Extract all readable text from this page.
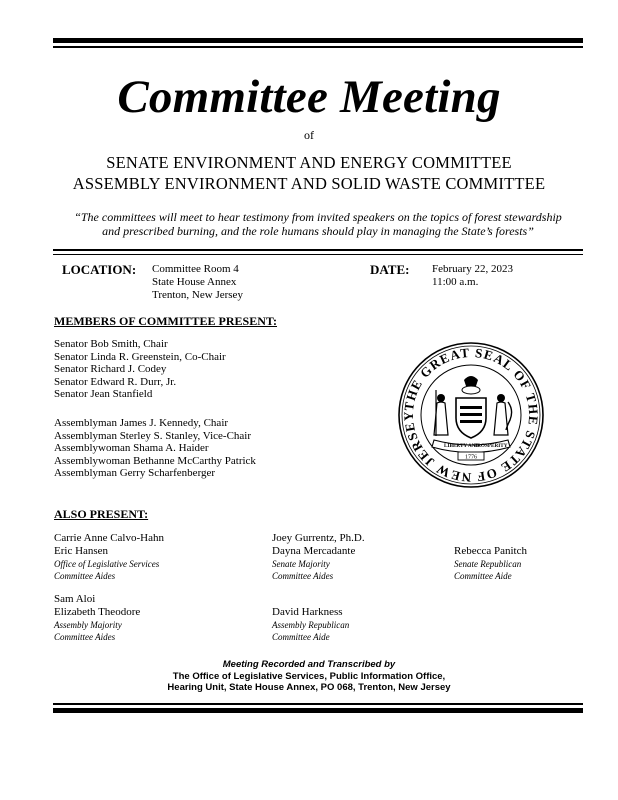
Committee Meeting
of
SENATE ENVIRONMENT AND ENERGY COMMITTEE
ASSEMBLY ENVIRONMENT AND SOLID WASTE COMMITTEE
“The committees will meet to hear testimony from invited speakers on the topics of forest stewardship
and prescribed burning, and the role humans should play in managing the State’s forests”
LOCATION: Committee Room 4
State House Annex
Trenton, New Jersey
DATE: February 22, 2023
11:00 a.m.
MEMBERS OF COMMITTEE PRESENT:
Senator Bob Smith, Chair
Senator Linda R. Greenstein, Co-Chair
Senator Richard J. Codey
Senator Edward R. Durr, Jr.
Senator Jean Stanfield
Assemblyman James J. Kennedy, Chair
Assemblyman Sterley S. Stanley, Vice-Chair
Assemblywoman Shama A. Haider
Assemblywoman Bethanne McCarthy Patrick
Assemblyman Gerry Scharfenberger
THE GREAT SEAL OF THE STATE OF NEW JERSEY
LIBERTY AND
PROSPERITY
1776
ALSO PRESENT:
Carrie Anne Calvo-Hahn
Eric Hansen
Office of Legislative Services
Committee Aides
Joey Gurrentz, Ph.D.
Dayna Mercadante
Senate Majority
Committee Aides
Rebecca Panitch
Senate Republican
Committee Aide
Sam Aloi
Elizabeth Theodore
Assembly Majority
Committee Aides
David Harkness
Assembly Republican
Committee Aide
Meeting Recorded and Transcribed by
The Office of Legislative Services, Public Information Office,
Hearing Unit, State House Annex, PO 068, Trenton, New Jersey
